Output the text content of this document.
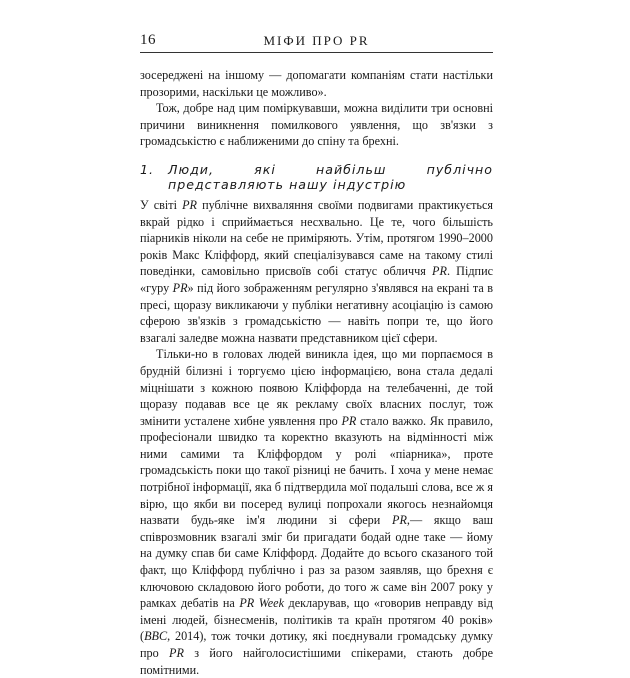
16	МІФИ ПРО PR

зосереджені на іншому — допомагати компаніям стати настільки прозорими, наскільки це можливо».

Тож, добре над цим поміркувавши, можна виділити три основні причини виникнення помилкового уявлення, що зв'язки з громадськістю є наближеними до спіну та брехні.

1.	Люди, які найбільш публічно представляють нашу індустрію

У світі PR публічне вихваляння своїми подвигами практикується вкрай рідко і сприймається несхвально. Це те, чого більшість піарників ніколи на себе не приміряють. Утім, протягом 1990–2000 років Макс Кліффорд, який спеціалізувався саме на такому стилі поведінки, самовільно присвоїв собі статус обличчя PR. Підпис «гуру PR» під його зображенням регулярно з'являвся на екрані та в пресі, щоразу викликаючи у публіки негативну асоціацію із самою сферою зв'язків з громадськістю — навіть попри те, що його взагалі залeдве можна назвати представником цієї сфери.

Тільки-но в головах людей виникла ідея, що ми порпаємося в брудній білизні і торгуємо цією інформацією, вона стала дедалі міцнішати з кожною появою Кліффорда на телебаченні, де той щоразу подавав все це як рекламу своїх власних послуг, тож змінити усталене хибне уявлення про PR стало важко. Як правило, професіонали швидко та коректно вказують на відмінності між ними самими та Кліффордом у ролі «піарника», проте громадськість поки що такої різниці не бачить. І хоча у мене немає потрібної інформації, яка б підтвердила мої подальші слова, все ж я вірю, що якби ви посеред вулиці попрохали якогось незнайомця назвати будь-яке ім'я людини зі сфери PR,— якщо ваш співрозмовник взагалі зміг би пригадати бодай одне таке — йому на думку спав би саме Кліффорд. Додайте до всього сказаного той факт, що Кліффорд публічно і раз за разом заявляв, що брехня є ключовою складовою його роботи, до того ж саме він 2007 року у рамках дебатів на PR Week декларував, що «говорив неправду від імені людей, бізнесменів, політиків та країн протягом 40 років» (BBC, 2014), тож точки дотику, які поєднували громадську думку про PR з його найголосистішими спікерами, стають добре помітними.
